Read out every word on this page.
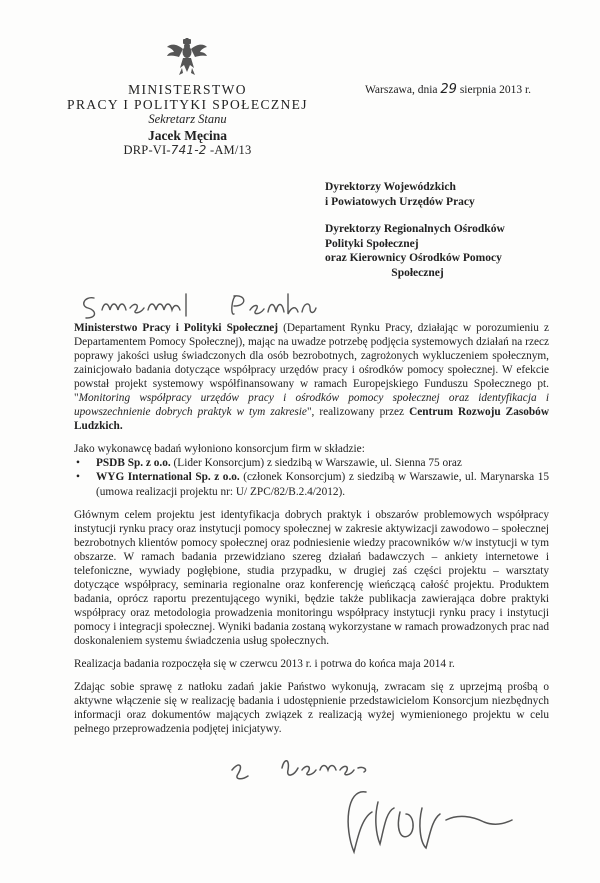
MINISTERSTWO
PRACY I POLITYKI SPOŁECZNEJ
Sekretarz Stanu
Jacek Męcina
DRP-VI-741-2 -AM/13
Warszawa, dnia 29 sierpnia 2013 r.
Dyrektorzy Wojewódzkich
i Powiatowych Urzędów Pracy
Dyrektorzy Regionalnych Ośrodków
Polityki Społecznej
oraz Kierownicy Ośrodków Pomocy
Społecznej

Ministerstwo Pracy i Polityki Społecznej (Departament Rynku Pracy, działając w porozumieniu z Departamentem Pomocy Społecznej), mając na uwadze potrzebę podjęcia systemowych działań na rzecz poprawy jakości usług świadczonych dla osób bezrobotnych, zagrożonych wykluczeniem społecznym, zainicjowało badania dotyczące współpracy urzędów pracy i ośrodków pomocy społecznej. W efekcie powstał projekt systemowy współfinansowany w ramach Europejskiego Funduszu Społecznego pt. "Monitoring współpracy urzędów pracy i ośrodków pomocy społecznej oraz identyfikacja i upowszechnienie dobrych praktyk w tym zakresie", realizowany przez Centrum Rozwoju Zasobów Ludzkich.

Jako wykonawcę badań wyłoniono konsorcjum firm w składzie:

• PSDB Sp. z o.o. (Lider Konsorcjum) z siedzibą w Warszawie, ul. Sienna 75 oraz
• WYG International Sp. z o.o. (członek Konsorcjum) z siedzibą w Warszawie, ul. Marynarska 15 (umowa realizacji projektu nr: U/ ZPC/82/B.2.4/2012).

Głównym celem projektu jest identyfikacja dobrych praktyk i obszarów problemowych współpracy instytucji rynku pracy oraz instytucji pomocy społecznej w zakresie aktywizacji zawodowo – społecznej bezrobotnych klientów pomocy społecznej oraz podniesienie wiedzy pracowników w/w instytucji w tym obszarze. W ramach badania przewidziano szereg działań badawczych – ankiety internetowe i telefoniczne, wywiady pogłębione, studia przypadku, w drugiej zaś części projektu – warsztaty dotyczące współpracy, seminaria regionalne oraz konferencję wieńczącą całość projektu. Produktem badania, oprócz raportu prezentującego wyniki, będzie także publikacja zawierająca dobre praktyki współpracy oraz metodologia prowadzenia monitoringu współpracy instytucji rynku pracy i instytucji pomocy i integracji społecznej. Wyniki badania zostaną wykorzystane w ramach prowadzonych prac nad doskonaleniem systemu świadczenia usług społecznych.

Realizacja badania rozpoczęła się w czerwcu 2013 r. i potrwa do końca maja 2014 r.

Zdając sobie sprawę z natłoku zadań jakie Państwo wykonują, zwracam się z uprzejmą prośbą o aktywne włączenie się w realizację badania i udostępnienie przedstawicielom Konsorcjum niezbędnych informacji oraz dokumentów mających związek z realizacją wyżej wymienionego projektu w celu pełnego przeprowadzenia podjętej inicjatywy.
